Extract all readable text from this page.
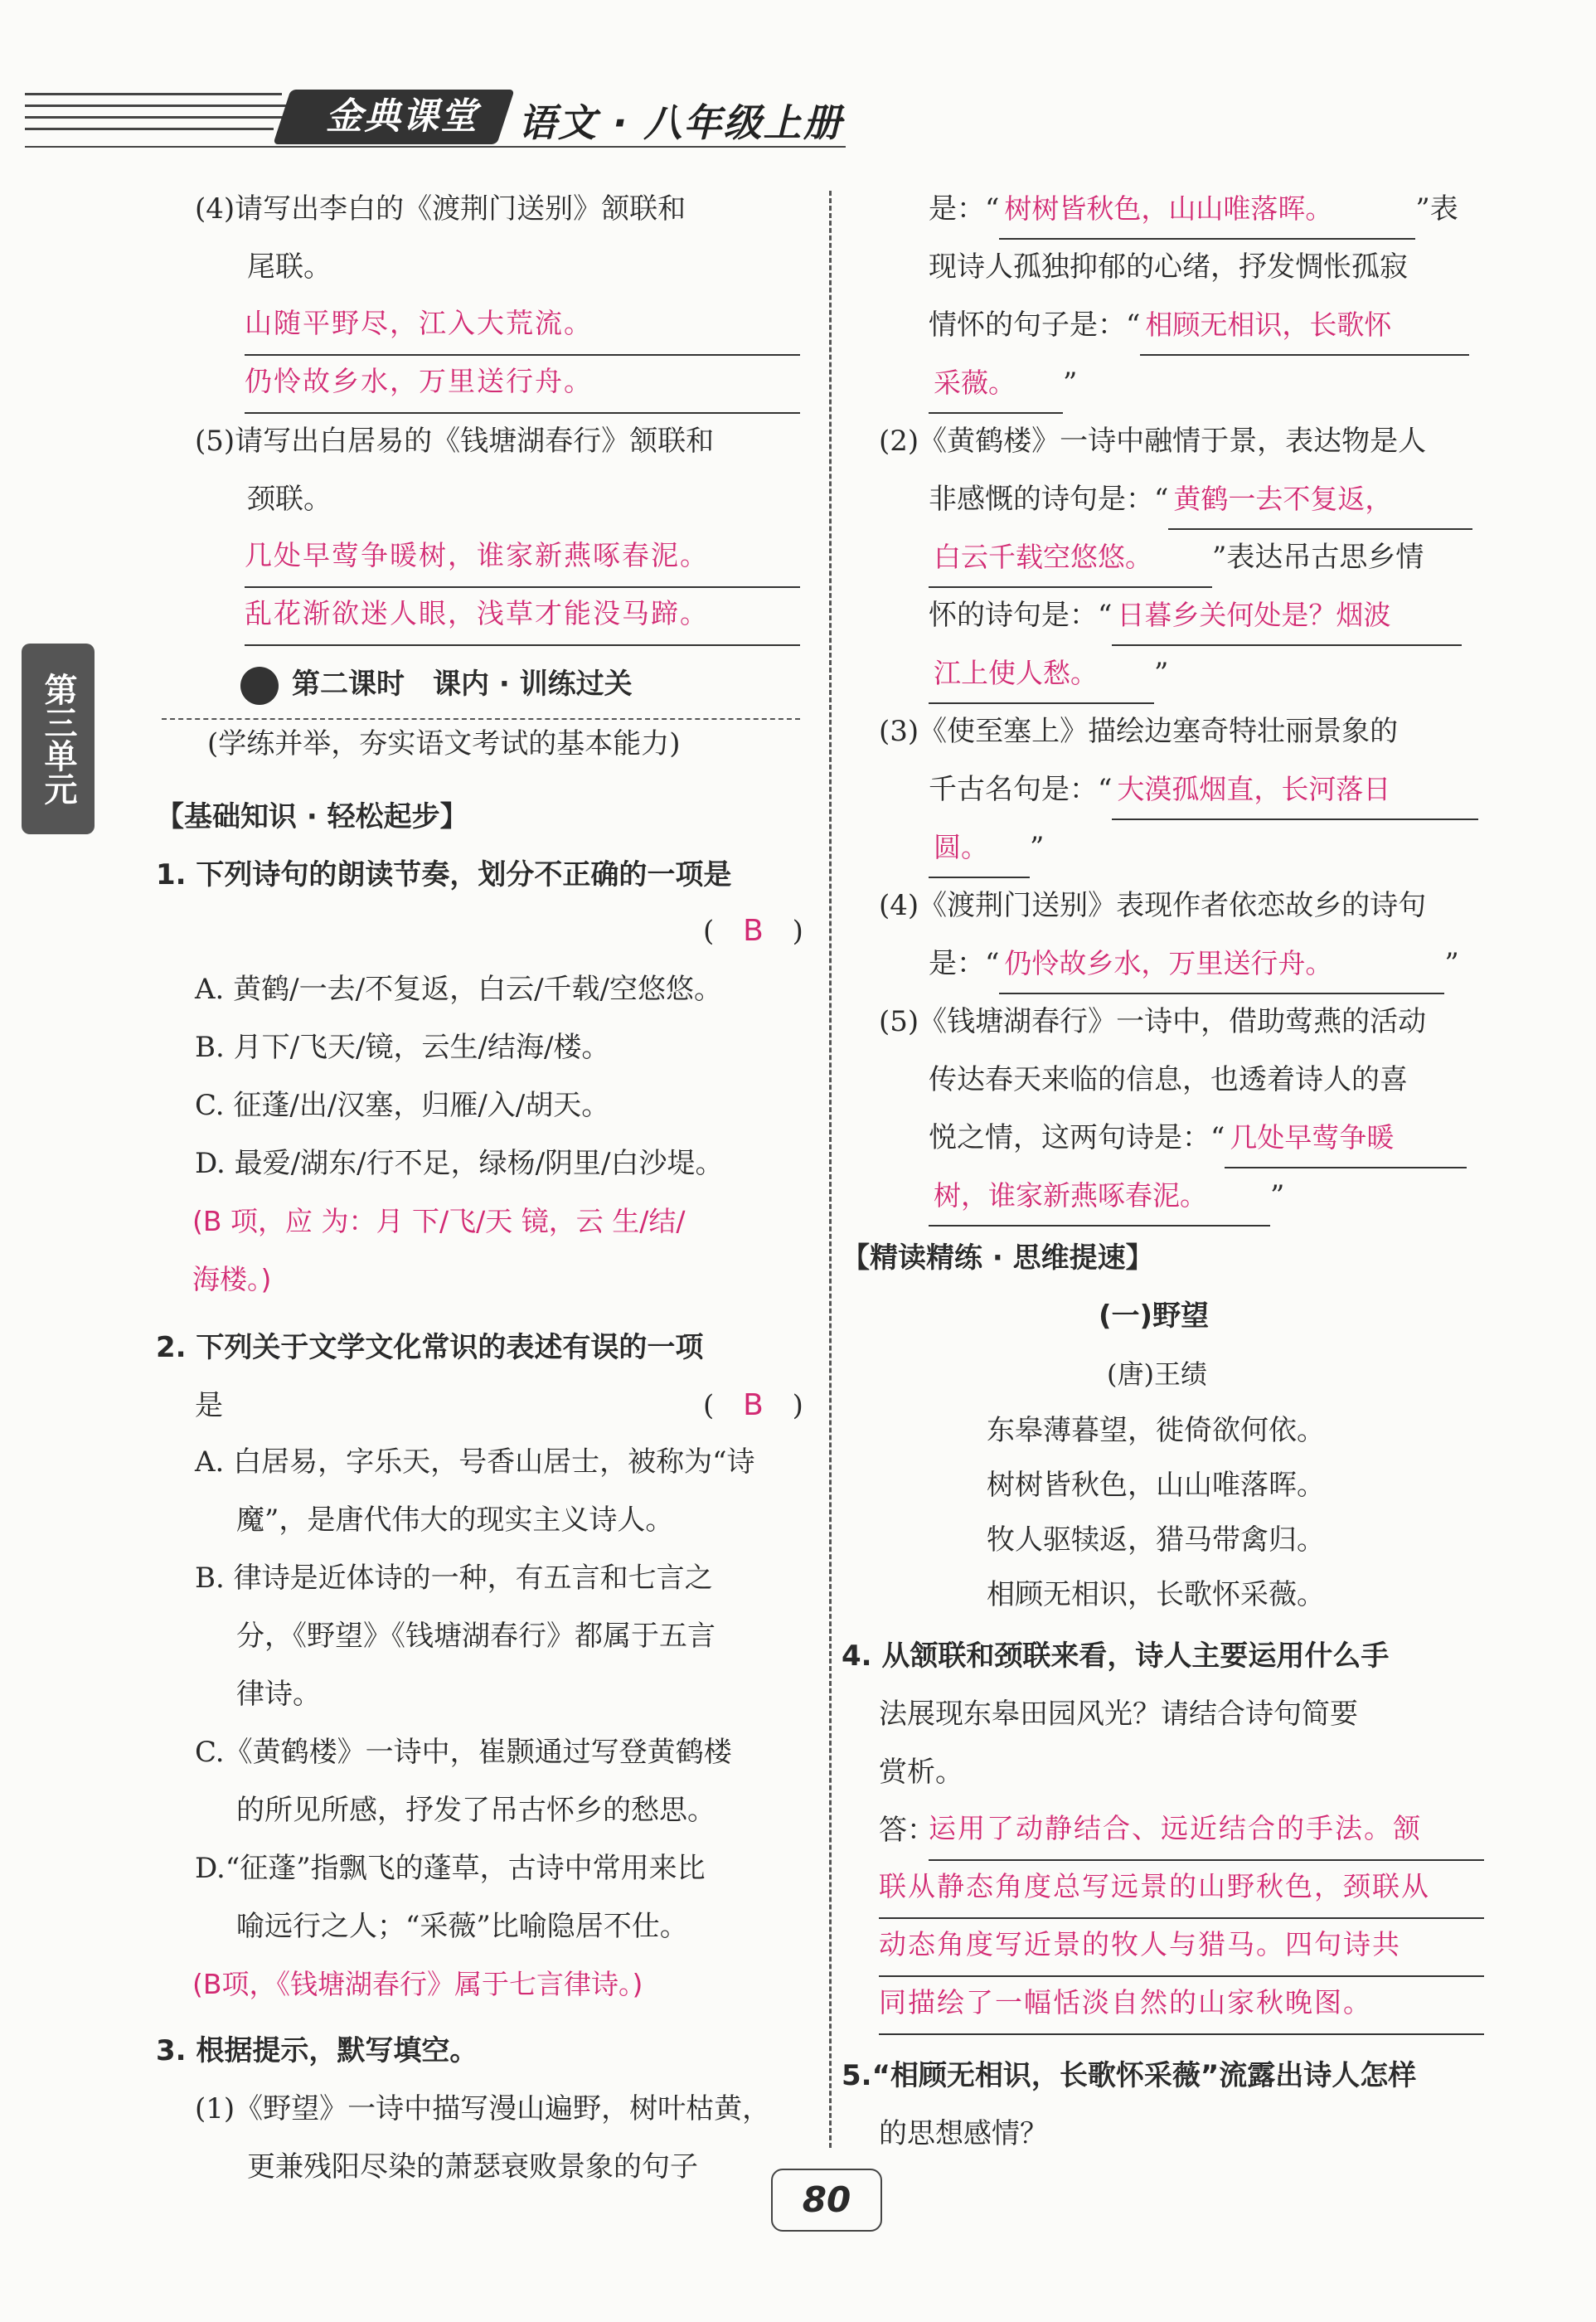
金典课堂	语文 · 八年级上册
第三单元
(4)请写出李白的《渡荆门送别》颔联和
尾联。
山随平野尽，江入大荒流。
仍怜故乡水，万里送行舟。
(5)请写出白居易的《钱塘湖春行》颔联和
颈联。
几处早莺争暖树，谁家新燕啄春泥。
乱花渐欲迷人眼，浅草才能没马蹄。
第二课时　课内 · 训练过关
(学练并举，夯实语文考试的基本能力)
【基础知识 · 轻松起步】
1. 下列诗句的朗读节奏，划分不正确的一项是
( B )
A. 黄鹤/一去/不复返，白云/千载/空悠悠。
B. 月下/飞天/镜，云生/结海/楼。
C. 征蓬/出/汉塞，归雁/入/胡天。
D. 最爱/湖东/行不足，绿杨/阴里/白沙堤。
(B 项，应 为：月 下/飞/天 镜，云 生/结/
海楼。)
2. 下列关于文学文化常识的表述有误的一项
是	( B )
A. 白居易，字乐天，号香山居士，被称为“诗
魔”，是唐代伟大的现实主义诗人。
B. 律诗是近体诗的一种，有五言和七言之
分，《野望》《钱塘湖春行》都属于五言
律诗。
C.《黄鹤楼》一诗中，崔颢通过写登黄鹤楼
的所见所感，抒发了吊古怀乡的愁思。
D.“征蓬”指飘飞的蓬草，古诗中常用来比
喻远行之人；“采薇”比喻隐居不仕。
(B项，《钱塘湖春行》属于七言律诗。)
3. 根据提示，默写填空。
(1)《野望》一诗中描写漫山遍野，树叶枯黄，
更兼残阳尽染的萧瑟衰败景象的句子
是：“ 树树皆秋色，山山唯落晖。	”表
现诗人孤独抑郁的心绪，抒发惆怅孤寂
情怀的句子是：“ 相顾无相识，长歌怀
采薇。 ”
(2)《黄鹤楼》一诗中融情于景，表达物是人
非感慨的诗句是：“ 黄鹤一去不复返，
白云千载空悠悠。 ”表达吊古思乡情
怀的诗句是：“ 日暮乡关何处是？烟波
江上使人愁。 ”
(3)《使至塞上》描绘边塞奇特壮丽景象的
千古名句是：“ 大漠孤烟直，长河落日
圆。 ”
(4)《渡荆门送别》表现作者依恋故乡的诗句
是：“ 仍怜故乡水，万里送行舟。	”
(5)《钱塘湖春行》一诗中，借助莺燕的活动
传达春天来临的信息，也透着诗人的喜
悦之情，这两句诗是：“ 几处早莺争暖
树，谁家新燕啄春泥。 ”
【精读精练 · 思维提速】
(一)野望
(唐)王绩
东皋薄暮望，徙倚欲何依。
树树皆秋色，山山唯落晖。
牧人驱犊返，猎马带禽归。
相顾无相识，长歌怀采薇。
4. 从颔联和颈联来看，诗人主要运用什么手
法展现东皋田园风光？请结合诗句简要
赏析。
答：
运用了动静结合、远近结合的手法。颔
联从静态角度总写远景的山野秋色，颈联从
动态角度写近景的牧人与猎马。四句诗共
同描绘了一幅恬淡自然的山家秋晚图。
5.“相顾无相识，长歌怀采薇”流露出诗人怎样
的思想感情？
80
